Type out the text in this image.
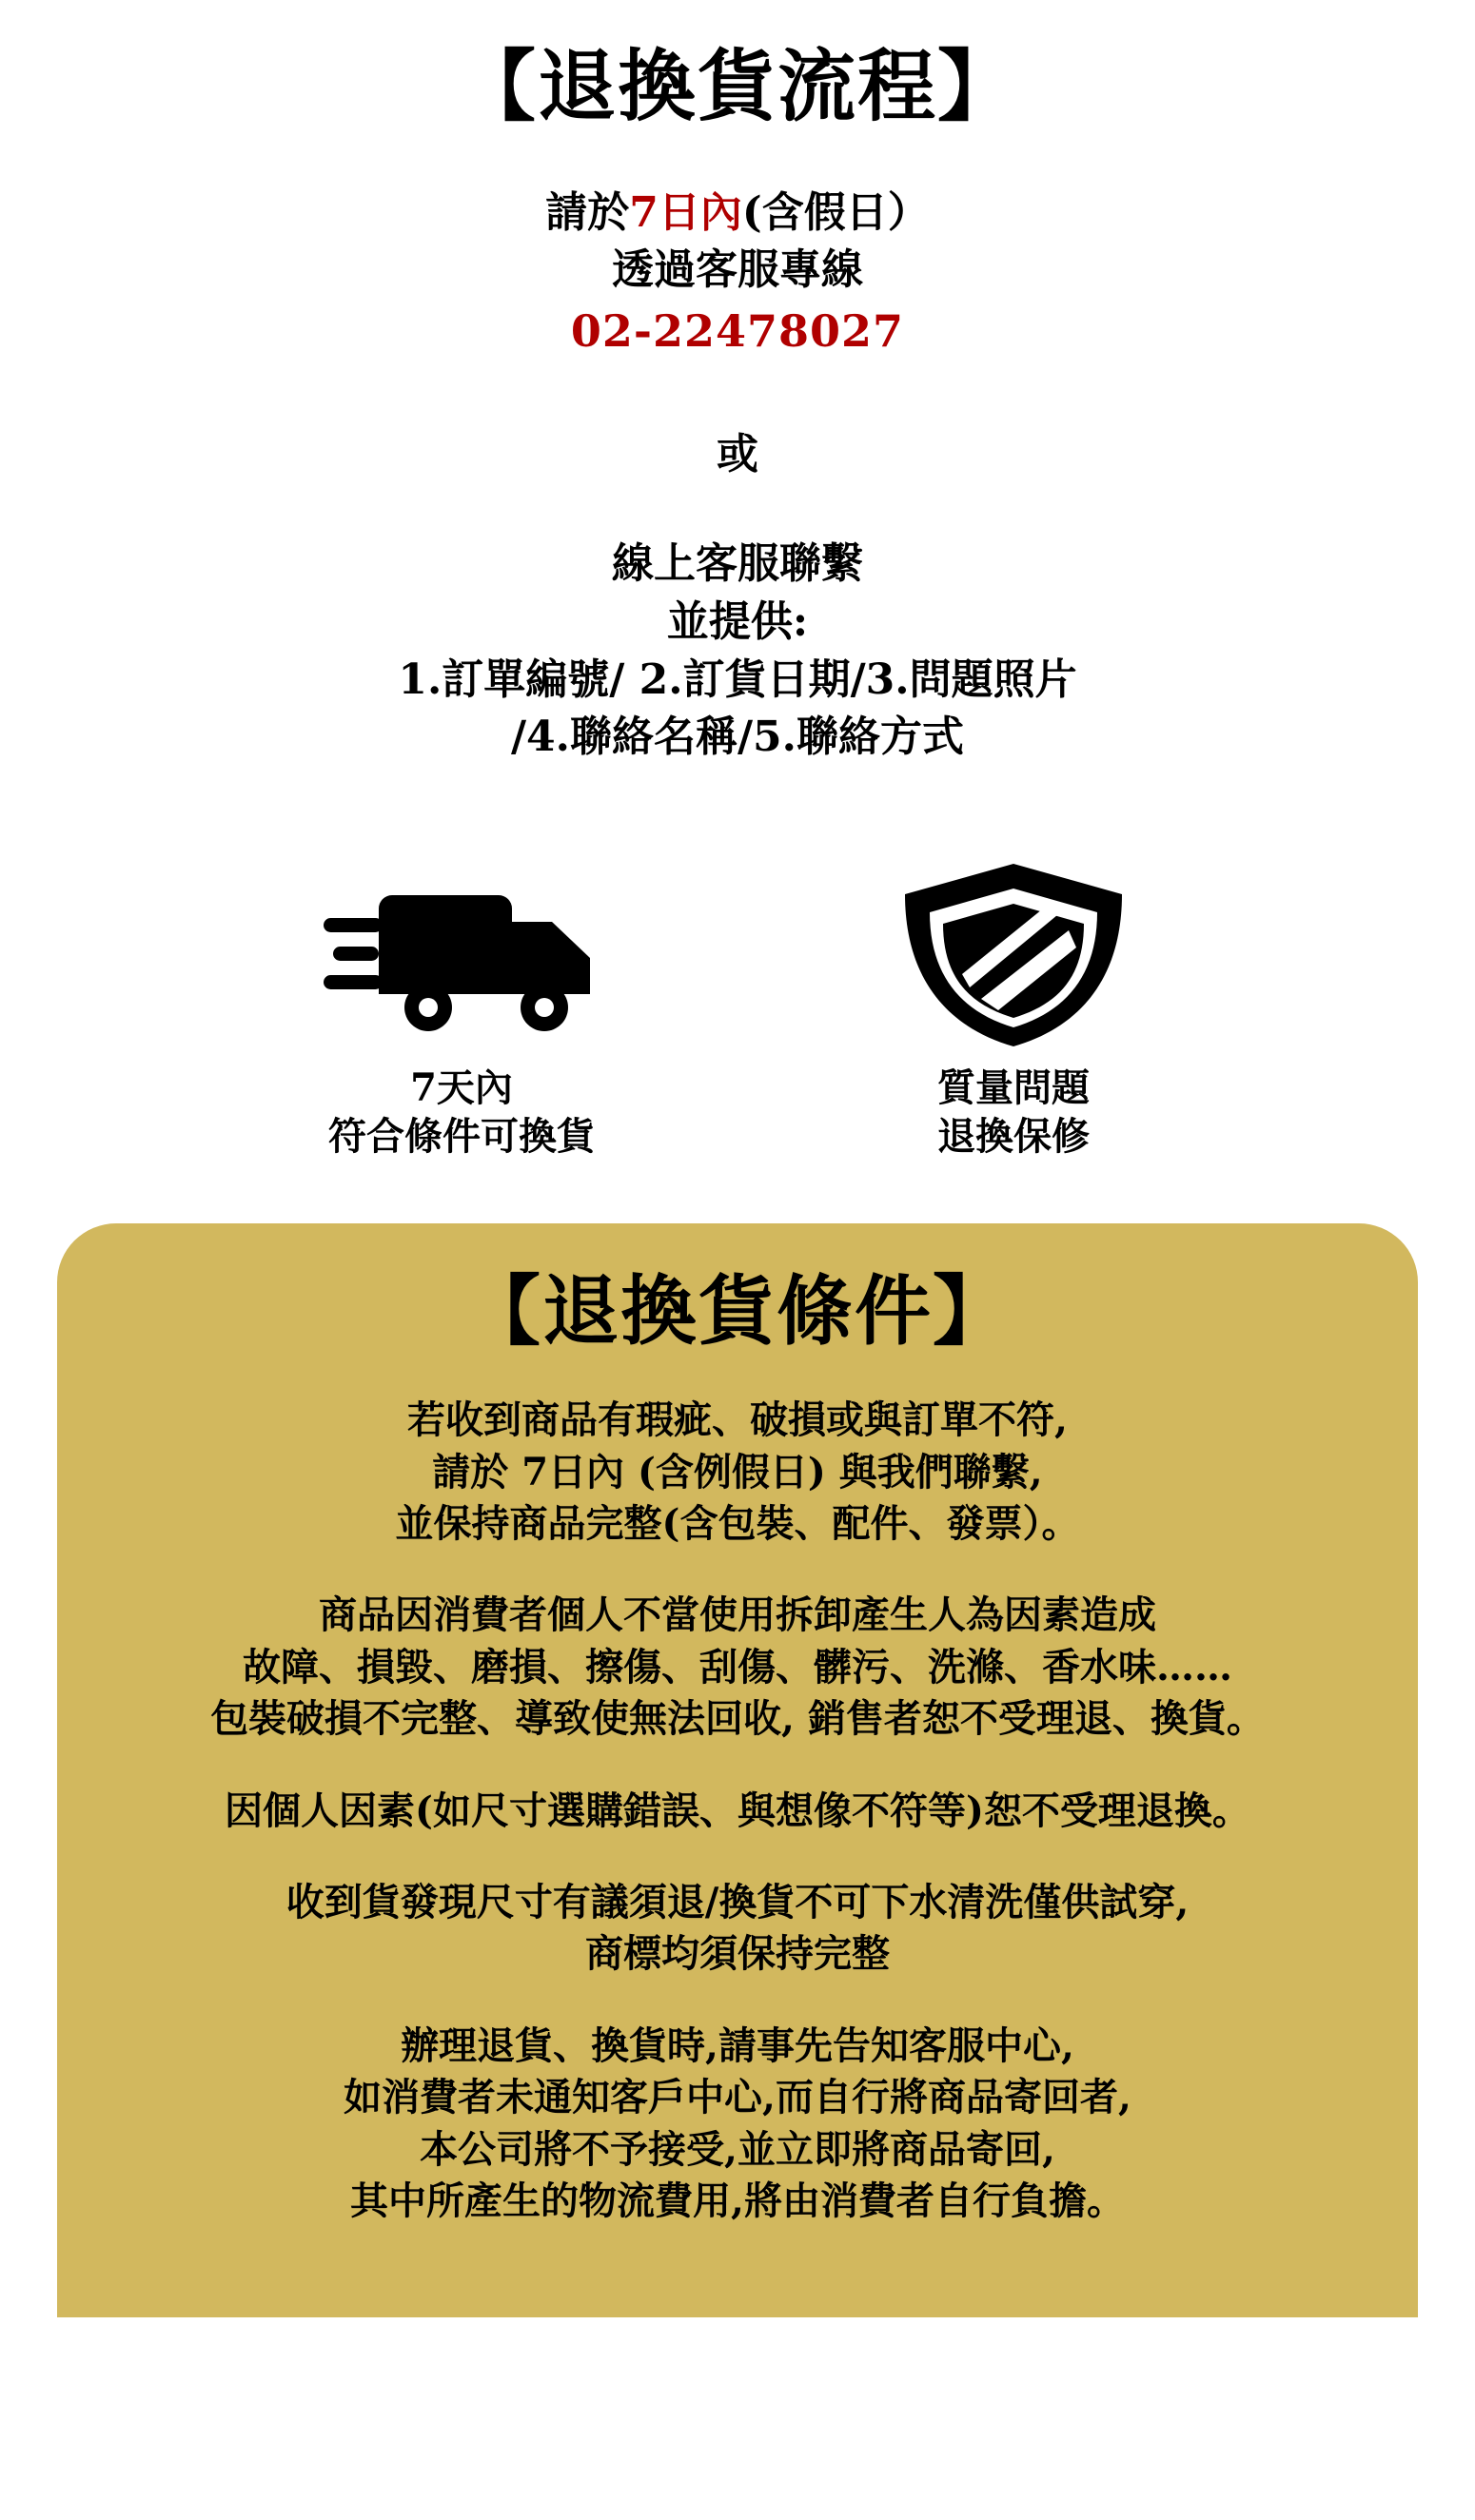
【退換貨流程】
請於7日內(含假日）
透過客服專線
02-22478027
或
線上客服聯繫
並提供:
1.訂單編號/ 2.訂貨日期/3.問題照片
/4.聯絡名稱/5.聯絡方式
7天內
符合條件可換貨
質量問題
退換保修
【退換貨條件】
若收到商品有瑕疵、破損或與訂單不符,
請於 7日內 (含例假日) 與我們聯繫,
並保持商品完整(含包裝、配件、發票）。
商品因消費者個人不當使用拆卸產生人為因素造成
故障、損毀、磨損、擦傷、刮傷、髒污、洗滌、香水味……
包裝破損不完整、導致使無法回收, 銷售者恕不受理退、換貨。
因個人因素(如尺寸選購錯誤、與想像不符等)恕不受理退換。
收到貨發現尺寸有議須退/換貨不可下水清洗僅供試穿,
商標均須保持完整
辦理退貨、換貨時,請事先告知客服中心,
如消費者未通知客戶中心,而自行將商品寄回者,
本公司將不予接受,並立即將商品寄回,
其中所產生的物流費用,將由消費者自行負擔。
